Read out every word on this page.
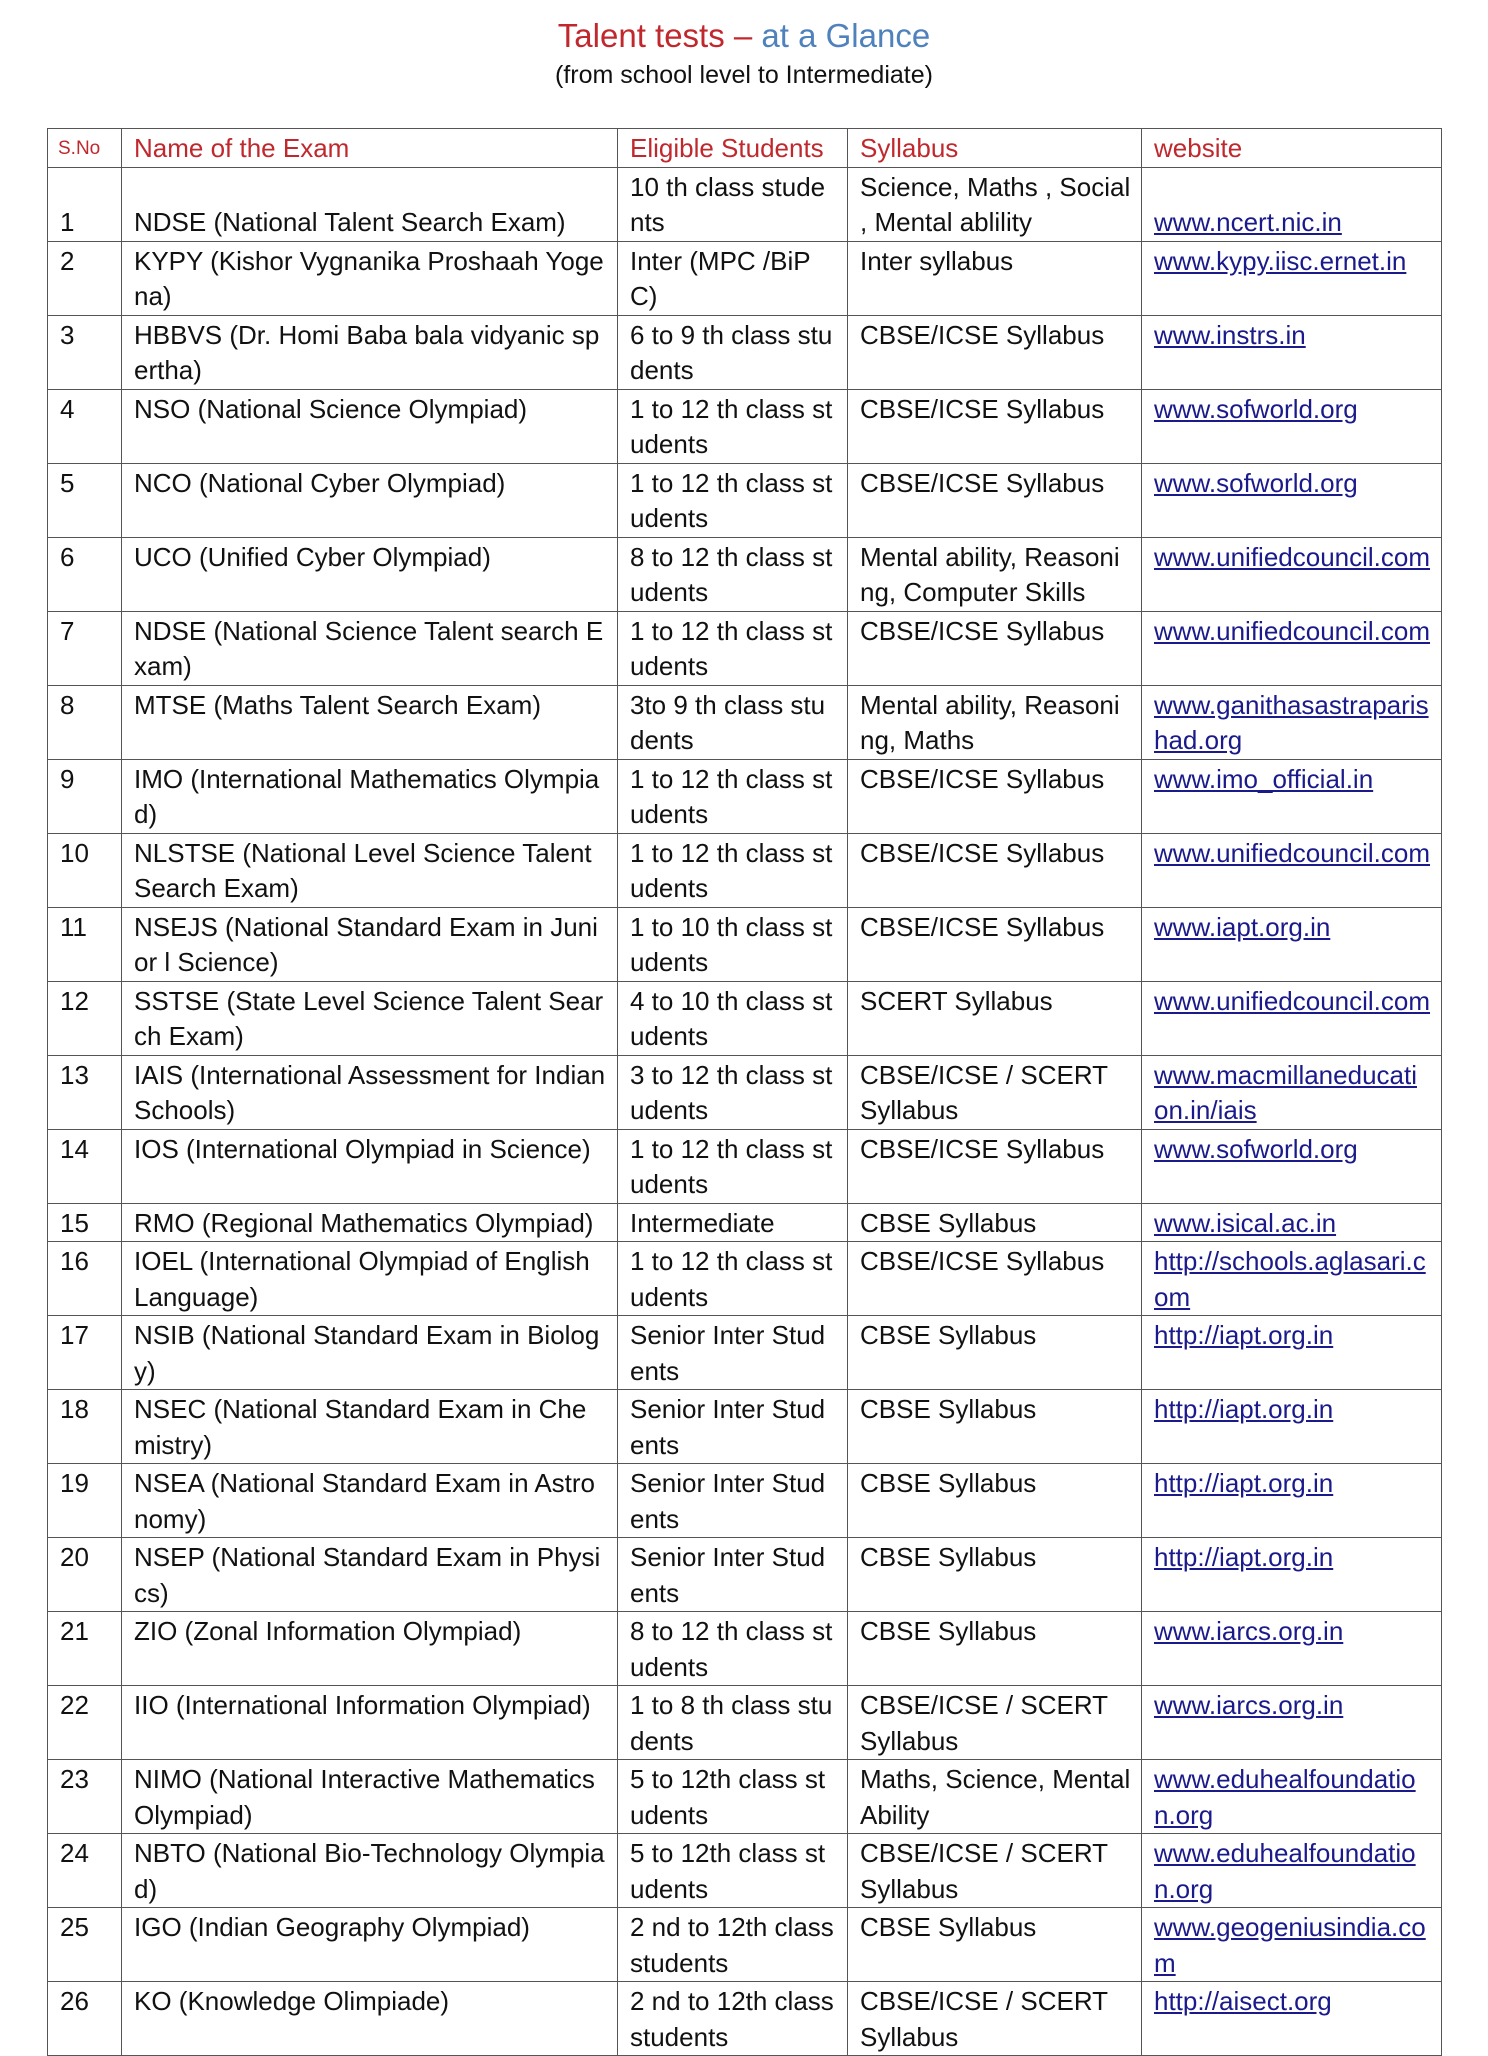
Talent tests – at a Glance

(from school level to Intermediate)

S.No	Name of the Exam	Eligible Students	Syllabus	website
1	NDSE (National Talent Search Exam)	10 th class students	Science, Maths , Social , Mental ablility	www.ncert.nic.in
2	KYPY (Kishor Vygnanika Proshaah Yogena)	Inter (MPC /BiPC)	Inter syllabus	www.kypy.iisc.ernet.in
3	HBBVS (Dr. Homi Baba bala vidyanic spertha)	6 to 9 th class students	CBSE/ICSE Syllabus	www.instrs.in
4	NSO (National Science Olympiad)	1 to 12 th class students	CBSE/ICSE Syllabus	www.sofworld.org
5	NCO (National Cyber Olympiad)	1 to 12 th class students	CBSE/ICSE Syllabus	www.sofworld.org
6	UCO (Unified Cyber Olympiad)	8 to 12 th class students	Mental ability, Reasoning, Computer Skills	www.unifiedcouncil.com
7	NDSE (National Science Talent search Exam)	1 to 12 th class students	CBSE/ICSE Syllabus	www.unifiedcouncil.com
8	MTSE (Maths Talent Search Exam)	3to 9 th class students	Mental ability, Reasoning, Maths	www.ganithasastraparishad.org
9	IMO (International Mathematics Olympiad)	1 to 12 th class students	CBSE/ICSE Syllabus	www.imo_official.in
10	NLSTSE (National Level Science Talent Search Exam)	1 to 12 th class students	CBSE/ICSE Syllabus	www.unifiedcouncil.com
11	NSEJS (National Standard Exam in Junior l Science)	1 to 10 th class students	CBSE/ICSE Syllabus	www.iapt.org.in
12	SSTSE (State Level Science Talent Search Exam)	4 to 10 th class students	SCERT Syllabus	www.unifiedcouncil.com
13	IAIS (International Assessment for Indian Schools)	3 to 12 th class students	CBSE/ICSE / SCERT Syllabus	www.macmillaneducation.in/iais
14	IOS (International Olympiad in Science)	1 to 12 th class students	CBSE/ICSE Syllabus	www.sofworld.org
15	RMO (Regional Mathematics Olympiad)	Intermediate	CBSE Syllabus	www.isical.ac.in
16	IOEL (International Olympiad of English Language)	1 to 12 th class students	CBSE/ICSE Syllabus	http://schools.aglasari.com
17	NSIB (National Standard Exam in Biology)	Senior Inter Students	CBSE Syllabus	http://iapt.org.in
18	NSEC (National Standard Exam in Chemistry)	Senior Inter Students	CBSE Syllabus	http://iapt.org.in
19	NSEA (National Standard Exam in Astronomy)	Senior Inter Students	CBSE Syllabus	http://iapt.org.in
20	NSEP (National Standard Exam in Physics)	Senior Inter Students	CBSE Syllabus	http://iapt.org.in
21	ZIO (Zonal Information Olympiad)	8 to 12 th class students	CBSE Syllabus	www.iarcs.org.in
22	IIO (International Information Olympiad)	1 to 8 th class students	CBSE/ICSE / SCERT Syllabus	www.iarcs.org.in
23	NIMO (National Interactive Mathematics Olympiad)	5 to 12th class students	Maths, Science, Mental Ability	www.eduhealfoundation.org
24	NBTO (National Bio-Technology Olympiad)	5 to 12th class students	CBSE/ICSE / SCERT Syllabus	www.eduhealfoundation.org
25	IGO (Indian Geography Olympiad)	2 nd to 12th class students	CBSE Syllabus	www.geogeniusindia.com
26	KO (Knowledge Olimpiade)	2 nd to 12th class students	CBSE/ICSE / SCERT Syllabus	http://aisect.org
